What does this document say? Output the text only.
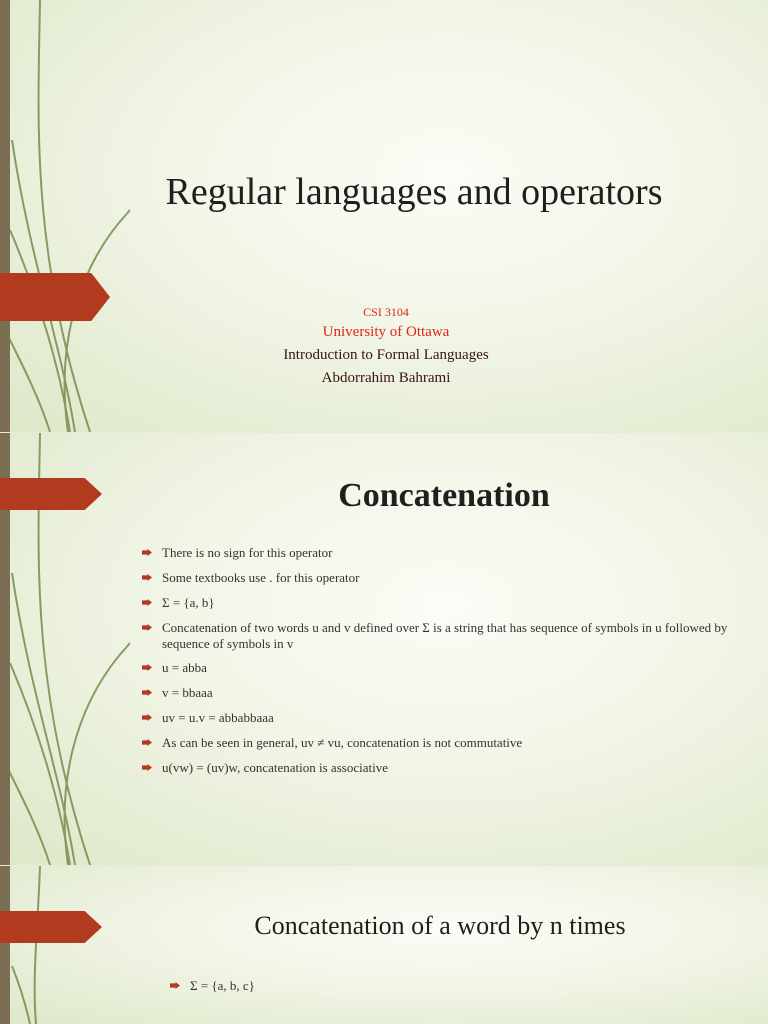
Regular languages and operators
CSI 3104
University of Ottawa
Introduction to Formal Languages
Abdorrahim Bahrami
Concatenation
There is no sign for this operator
Some textbooks use . for this operator
Σ = {a, b}
Concatenation of two words u and v defined over Σ is a string that has sequence of symbols in u followed by sequence of symbols in v
u = abba
v = bbaaa
uv = u.v = abbabbaaa
As can be seen in general, uv ≠ vu, concatenation is not commutative
u(vw) = (uv)w, concatenation is associative
Concatenation of a word by n times
Σ = {a, b, c}
